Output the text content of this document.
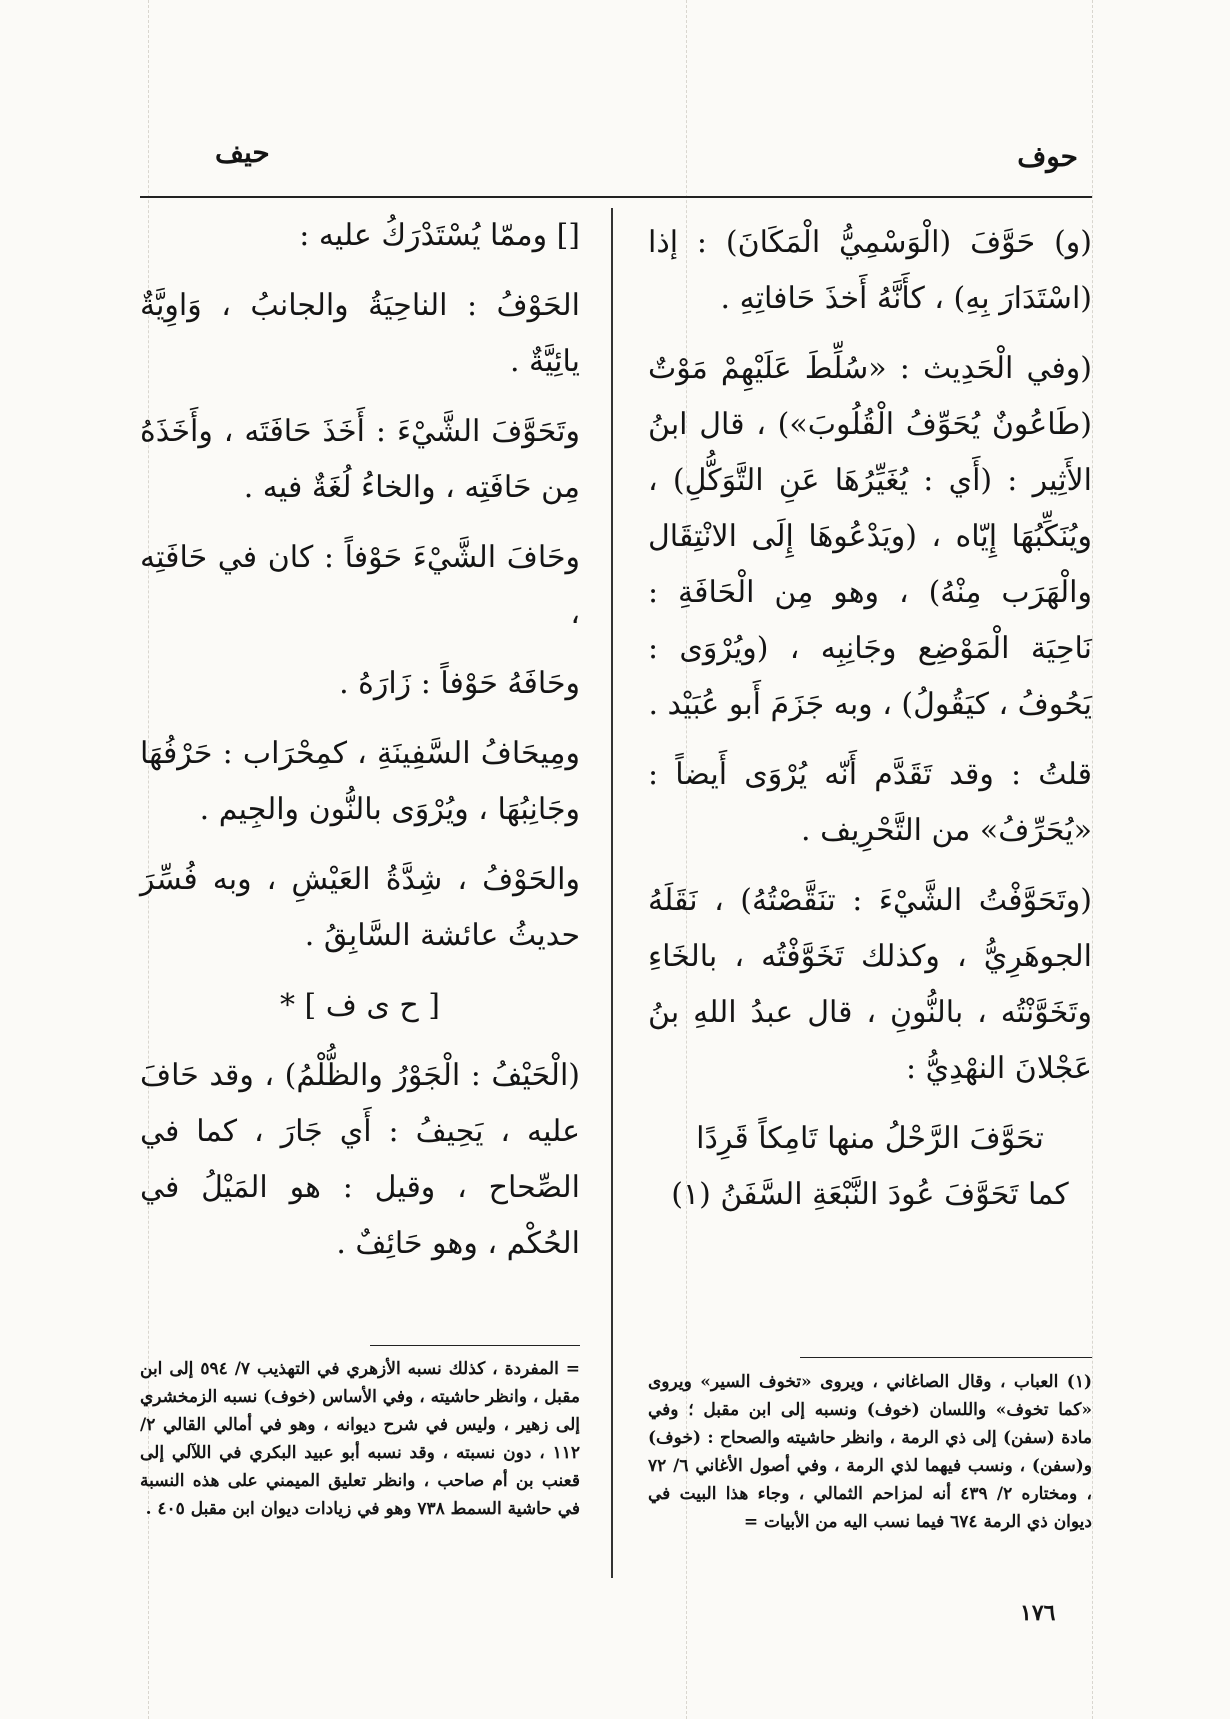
حوف
حيف

(و) حَوَّفَ (الْوَسْمِيُّ الْمَكَانَ) : إذا (اسْتَدَارَ بِهِ) ، كأَنَّهُ أَخذَ حَافاتِهِ .

(وفي الْحَدِيث : «سُلِّطَ عَلَيْهِمْ مَوْتٌ (طَاعُونٌ يُحَوِّفُ الْقُلُوبَ») ، قال ابنُ الأَثِير : (أَي : يُغَيِّرُهَا عَنِ التَّوَكُّلِ) ، ويُنَكِّبُهَا إِيّاه ، (ويَدْعُوهَا إِلَى الانْتِقَال والْهَرَب مِنْهُ) ، وهو مِن الْحَافَةِ : نَاحِيَة الْمَوْضِع وجَانِبِه ، (ويُرْوَى : يَحُوفُ ، كيَقُولُ) ، وبه جَزَمَ أَبو عُبَيْد .

قلتُ : وقد تَقَدَّم أَنّه يُرْوَى أَيضاً : «يُحَرِّفُ» من التَّحْرِيف .

(وتَحَوَّفْتُ الشَّيْءَ : تنَقَّصْتُهُ) ، نَقَلَهُ الجوهَرِيُّ ، وكذلك تَخَوَّفْتُه ، بالخَاءِ وتَخَوَّنْتُه ، بالنُّونِ ، قال عبدُ اللهِ بنُ عَجْلانَ النهْدِيُّ :

تحَوَّفَ الرَّحْلُ منها تَامِكاً قَرِدًا
كما تَحَوَّفَ عُودَ النَّبْعَةِ السَّفَنُ (١)

[] وممّا يُسْتَدْرَكُ عليه :

الحَوْفُ : الناحِيَةُ والجانبُ ، وَاوِيَّةٌ يائِيَّةٌ .

وتَحَوَّفَ الشَّيْءَ : أَخَذَ حَافَتَه ، وأَخَذَهُ مِن حَافَتِه ، والخاءُ لُغَةٌ فيه .

وحَافَ الشَّيْءَ حَوْفاً : كان في حَافَتِه ،

وحَافَهُ حَوْفاً : زَارَهُ .

ومِيحَافُ السَّفِينَةِ ، كمِحْرَاب : حَرْفُهَا وجَانِبُهَا ، ويُرْوَى بالنُّون والجِيم .

والحَوْفُ ، شِدَّةُ العَيْشِ ، وبه فُسِّرَ حديثُ عائشة السَّابِقُ .

[ ح ى ف ] *

(الْحَيْفُ : الْجَوْرُ والظُّلْمُ) ، وقد حَافَ عليه ، يَحِيفُ : أَي جَارَ ، كما في الصِّحاح ، وقيل : هو المَيْلُ في الحُكْم ، وهو حَائِفٌ .

(١) العباب ، وقال الصاغاني ، ويروى «تخوف السير» ويروى «كما تخوف» واللسان (خوف) ونسبه إلى ابن مقبل ؛ وفي مادة (سفن) إلى ذي الرمة ، وانظر حاشيته والصحاح : (خوف) و(سفن) ، ونسب فيهما لذي الرمة ، وفي أصول الأغاني ٦/ ٧٢ ، ومختاره ٢/ ٤٣٩ أنه لمزاحم الثمالي ، وجاء هذا البيت في ديوان ذي الرمة ٦٧٤ فيما نسب اليه من الأبيات =

= المفردة ، كذلك نسبه الأزهري في التهذيب ٧/ ٥٩٤ إلى ابن مقبل ، وانظر حاشيته ، وفي الأساس (خوف) نسبه الزمخشري إلى زهير ، وليس في شرح ديوانه ، وهو في أمالي القالي ٢/ ١١٢ ، دون نسبته ، وقد نسبه أبو عبيد البكري في اللآلي إلى قعنب بن أم صاحب ، وانظر تعليق الميمني على هذه النسبة في حاشية السمط ٧٣٨ وهو في زيادات ديوان ابن مقبل ٤٠٥ .

١٧٦
